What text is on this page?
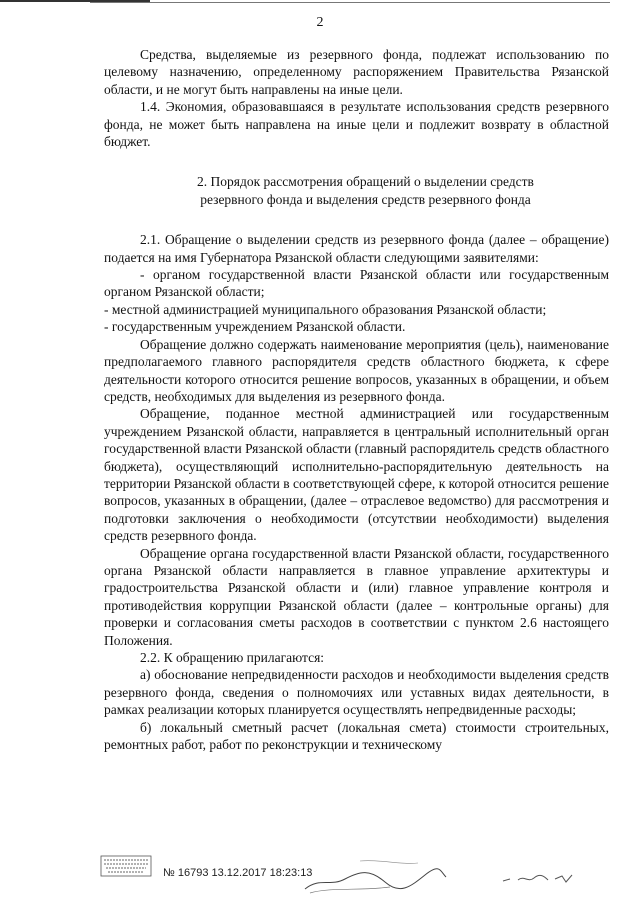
2

Средства, выделяемые из резервного фонда, подлежат использованию по целевому назначению, определенному распоряжением Правительства Рязанской области, и не могут быть направлены на иные цели.

1.4. Экономия, образовавшаяся в результате использования средств резервного фонда, не может быть направлена на иные цели и подлежит возврату в областной бюджет.

2. Порядок рассмотрения обращений о выделении средств
резервного фонда и выделения средств резервного фонда

2.1. Обращение о выделении средств из резервного фонда (далее – обращение) подается на имя Губернатора Рязанской области следующими заявителями:

- органом государственной власти Рязанской области или государственным органом Рязанской области;

- местной администрацией муниципального образования Рязанской области;

- государственным учреждением Рязанской области.

Обращение должно содержать наименование мероприятия (цель), наименование предполагаемого главного распорядителя средств областного бюджета, к сфере деятельности которого относится решение вопросов, указанных в обращении, и объем средств, необходимых для выделения из резервного фонда.

Обращение, поданное местной администрацией или государственным учреждением Рязанской области, направляется в центральный исполнительный орган государственной власти Рязанской области (главный распорядитель средств областного бюджета), осуществляющий исполнительно-распорядительную деятельность на территории Рязанской области в соответствующей сфере, к которой относится решение вопросов, указанных в обращении, (далее – отраслевое ведомство) для рассмотрения и подготовки заключения о необходимости (отсутствии необходимости) выделения средств резервного фонда.

Обращение органа государственной власти Рязанской области, государственного органа Рязанской области направляется в главное управление архитектуры и градостроительства Рязанской области и (или) главное управление контроля и противодействия коррупции Рязанской области (далее – контрольные органы) для проверки и согласования сметы расходов в соответствии с пунктом 2.6 настоящего Положения.

2.2. К обращению прилагаются:

а) обоснование непредвиденности расходов и необходимости выделения средств резервного фонда, сведения о полномочиях или уставных видах деятельности, в рамках реализации которых планируется осуществлять непредвиденные расходы;

б) локальный сметный расчет (локальная смета) стоимости строительных, ремонтных работ, работ по реконструкции и техническому

№ 16793 13.12.2017 18:23:13
